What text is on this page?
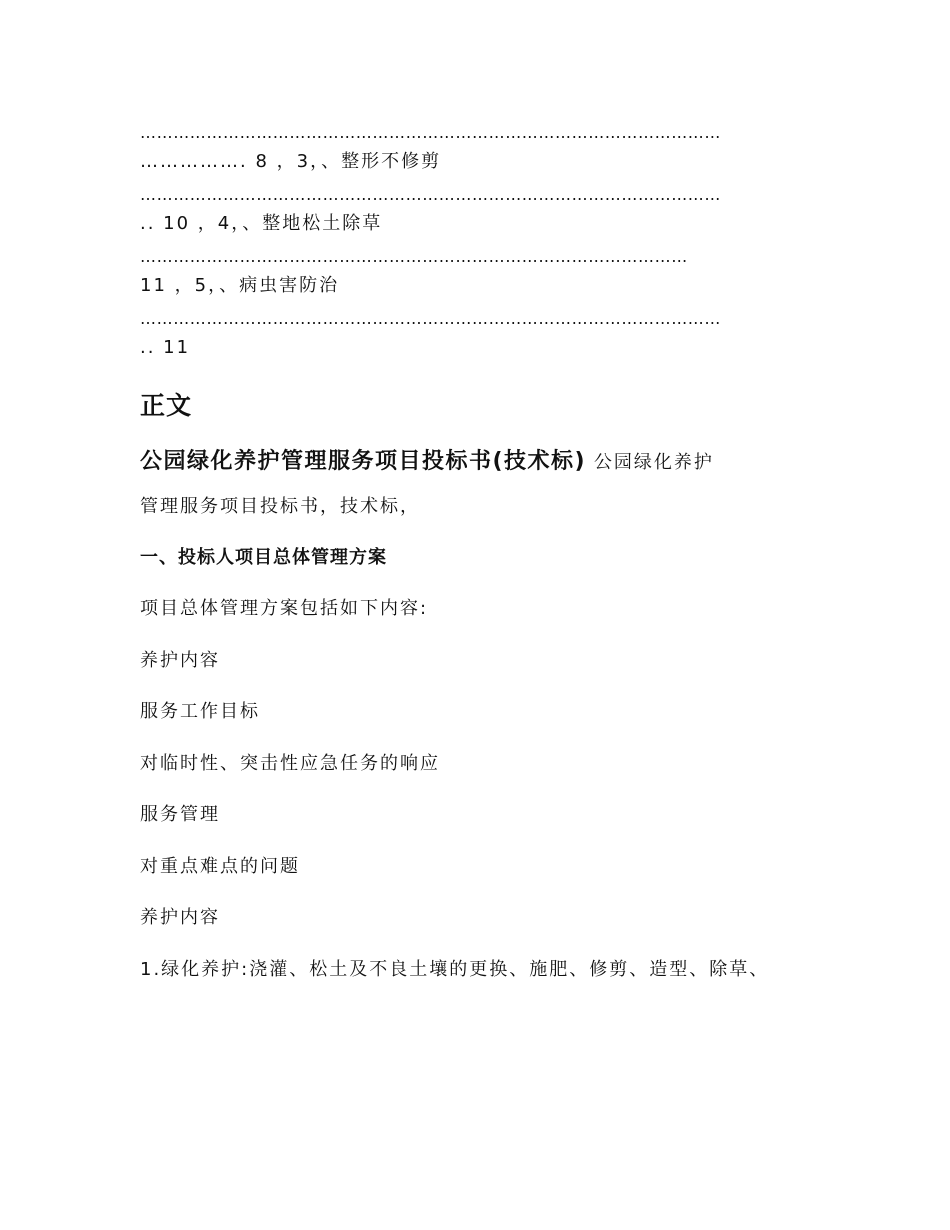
……………………………………………………………………………………………
……………. 8 ，3，、整形不修剪
……………………………………………………………………………………………
.. 10 ，4，、整地松土除草
………………………………………………………………………………………
11 ，5，、病虫害防治
……………………………………………………………………………………………
.. 11
正文
公园绿化养护管理服务项目投标书(技术标) 公园绿化养护
管理服务项目投标书，技术标，
一、投标人项目总体管理方案
项目总体管理方案包括如下内容:
养护内容
服务工作目标
对临时性、突击性应急任务的响应
服务管理
对重点难点的问题
养护内容
1.绿化养护:浇灌、松土及不良土壤的更换、施肥、修剪、造型、除草、
